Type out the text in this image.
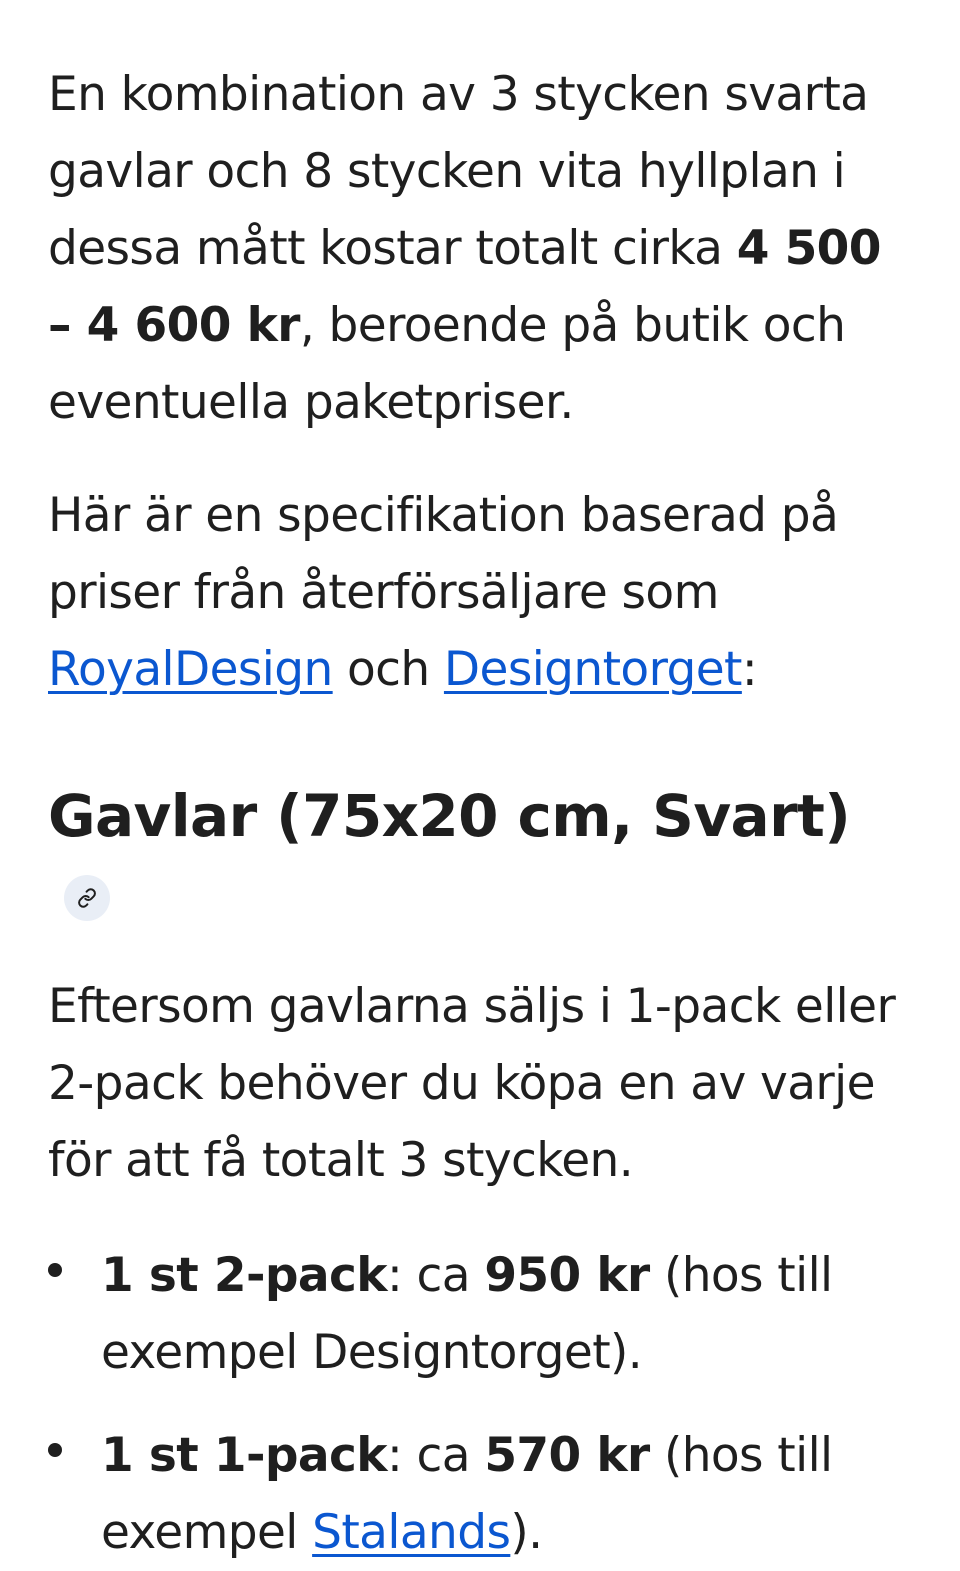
En kombination av 3 stycken svarta gavlar och 8 stycken vita hyllplan i dessa mått kostar totalt cirka 4 500 – 4 600 kr, beroende på butik och eventuella paketpriser.

Här är en specifikation baserad på priser från återförsäljare som RoyalDesign och Designtorget:

Gavlar (75x20 cm, Svart)

Eftersom gavlarna säljs i 1-pack eller 2-pack behöver du köpa en av varje för att få totalt 3 stycken.

1 st 2-pack: ca 950 kr (hos till exempel Designtorget).
1 st 1-pack: ca 570 kr (hos till exempel Stalands).
